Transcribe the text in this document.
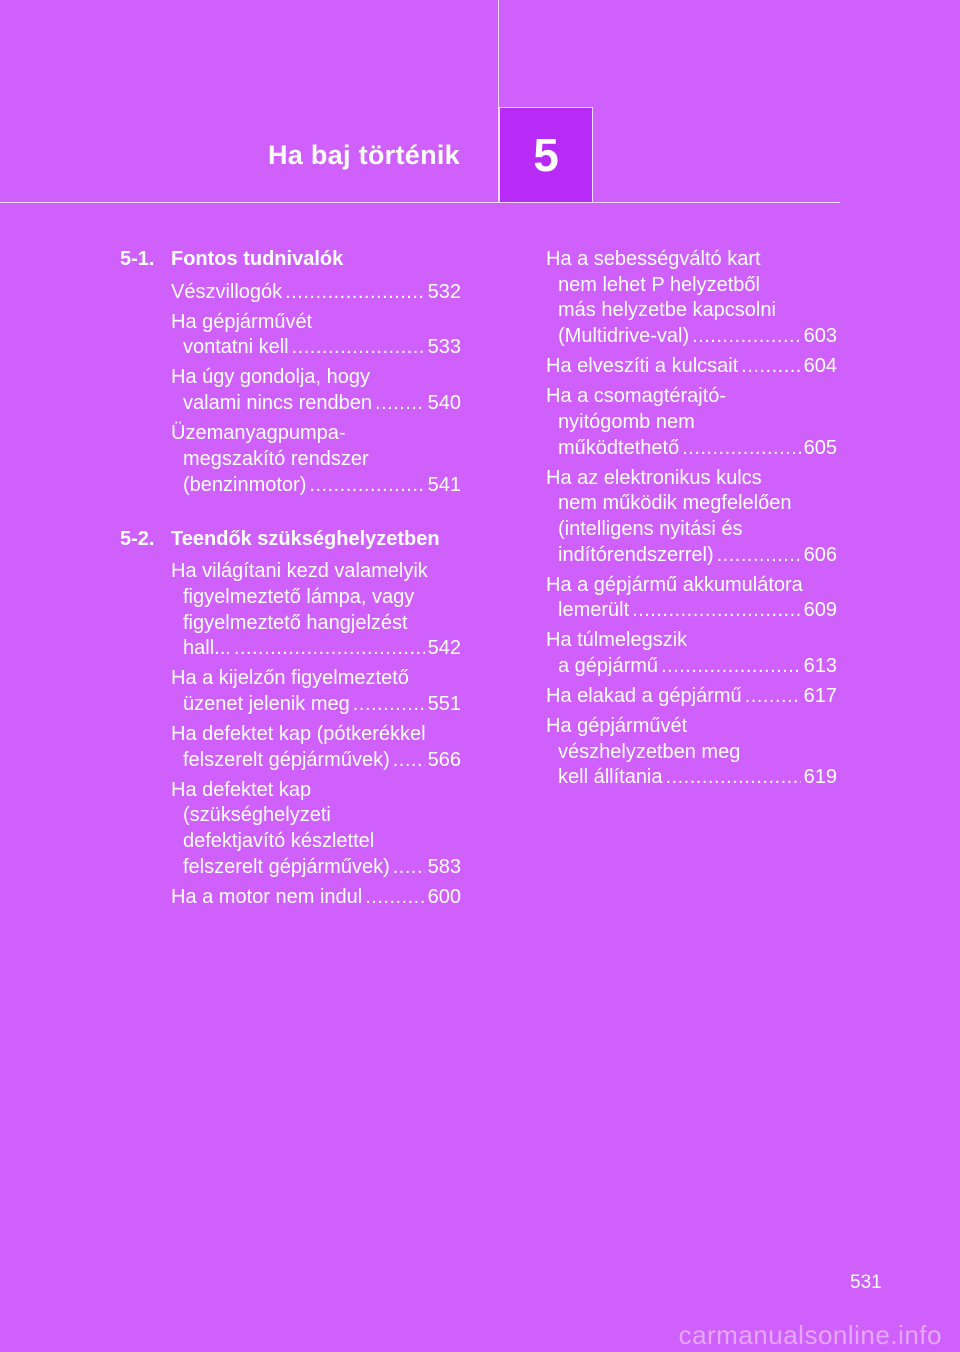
Ha baj történik 5
5-1. Fontos tudnivalók
Vészvillogók .....	532
Ha gépjárművét
vontatni kell .....	533
Ha úgy gondolja, hogy
valami nincs rendben .....	540
Üzemanyagpumpa-
megszakító rendszer
(benzinmotor) .....	541
5-2. Teendők szükséghelyzetben
Ha világítani kezd valamelyik
figyelmeztető lámpa, vagy
figyelmeztető hangjelzést
hall... .....	542
Ha a kijelzőn figyelmeztető
üzenet jelenik meg .....	551
Ha defektet kap (pótkerékkel
felszerelt gépjárművek) ..... 566
Ha defektet kap
(szükséghelyzeti
defektjavító készlettel
felszerelt gépjárművek) ..... 583
Ha a motor nem indul .....	600
Ha a sebességváltó kart
nem lehet P helyzetből
más helyzetbe kapcsolni
(Multidrive-val) .....	603
Ha elveszíti a kulcsait .....	604
Ha a csomagtérajtó-
nyitógomb nem
működtethető .....	605
Ha az elektronikus kulcs
nem működik megfelelően
(intelligens nyitási és
indítórendszerrel) .....	606
Ha a gépjármű akkumulátora
lemerült .....	609
Ha túlmelegszik
a gépjármű .....	613
Ha elakad a gépjármű .....	617
Ha gépjárművét
vészhelyzetben meg
kell állítania .....	619
531
carmanualsonline.info
